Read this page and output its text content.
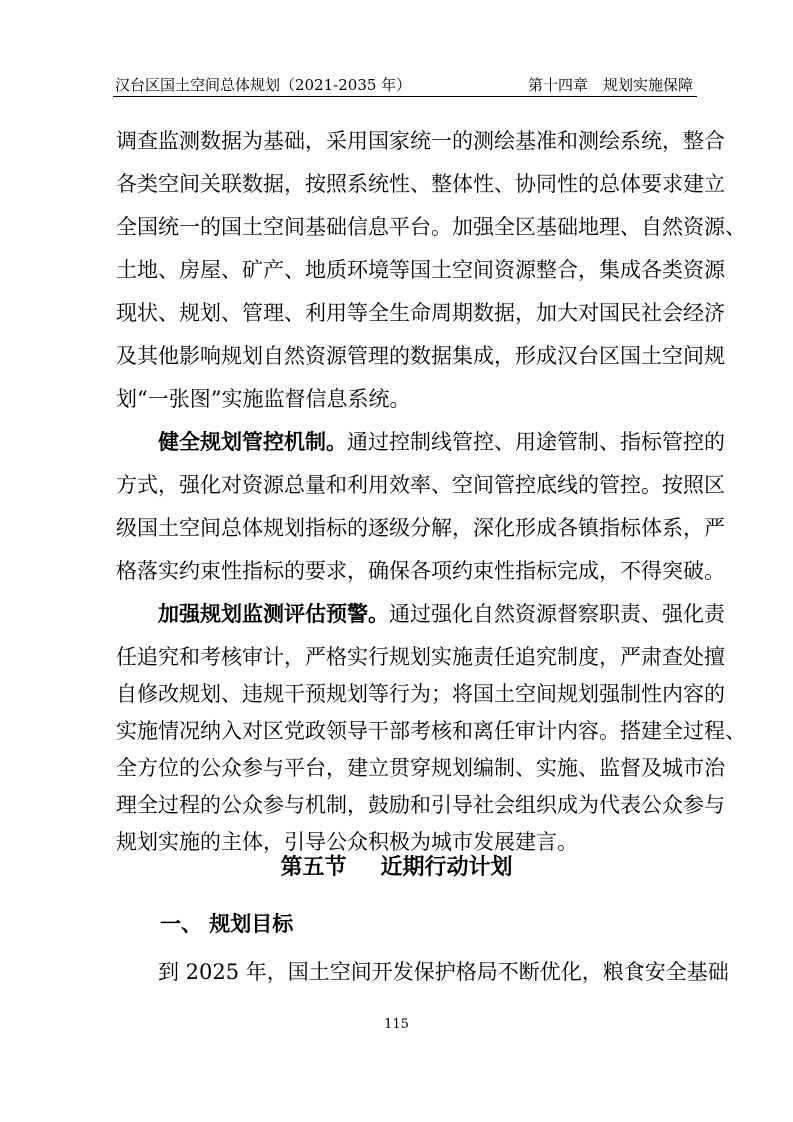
汉台区国土空间总体规划（2021-2035 年）	第十四章　规划实施保障
调查监测数据为基础，采用国家统一的测绘基准和测绘系统，整合
各类空间关联数据，按照系统性、整体性、协同性的总体要求建立
全国统一的国土空间基础信息平台。加强全区基础地理、自然资源、
土地、房屋、矿产、地质环境等国土空间资源整合，集成各类资源
现状、规划、管理、利用等全生命周期数据，加大对国民社会经济
及其他影响规划自然资源管理的数据集成，形成汉台区国土空间规
划“一张图”实施监督信息系统。
健全规划管控机制。通过控制线管控、用途管制、指标管控的
方式，强化对资源总量和利用效率、空间管控底线的管控。按照区
级国土空间总体规划指标的逐级分解，深化形成各镇指标体系，严
格落实约束性指标的要求，确保各项约束性指标完成，不得突破。
加强规划监测评估预警。通过强化自然资源督察职责、强化责
任追究和考核审计，严格实行规划实施责任追究制度，严肃查处擅
自修改规划、违规干预规划等行为；将国土空间规划强制性内容的
实施情况纳入对区党政领导干部考核和离任审计内容。搭建全过程、
全方位的公众参与平台，建立贯穿规划编制、实施、监督及城市治
理全过程的公众参与机制，鼓励和引导社会组织成为代表公众参与
第五节 近期行动计划
一、 规划目标
到 2025 年，国土空间开发保护格局不断优化，粮食安全基础
115
规划实施的主体，引导公众积极为城市发展建言。
